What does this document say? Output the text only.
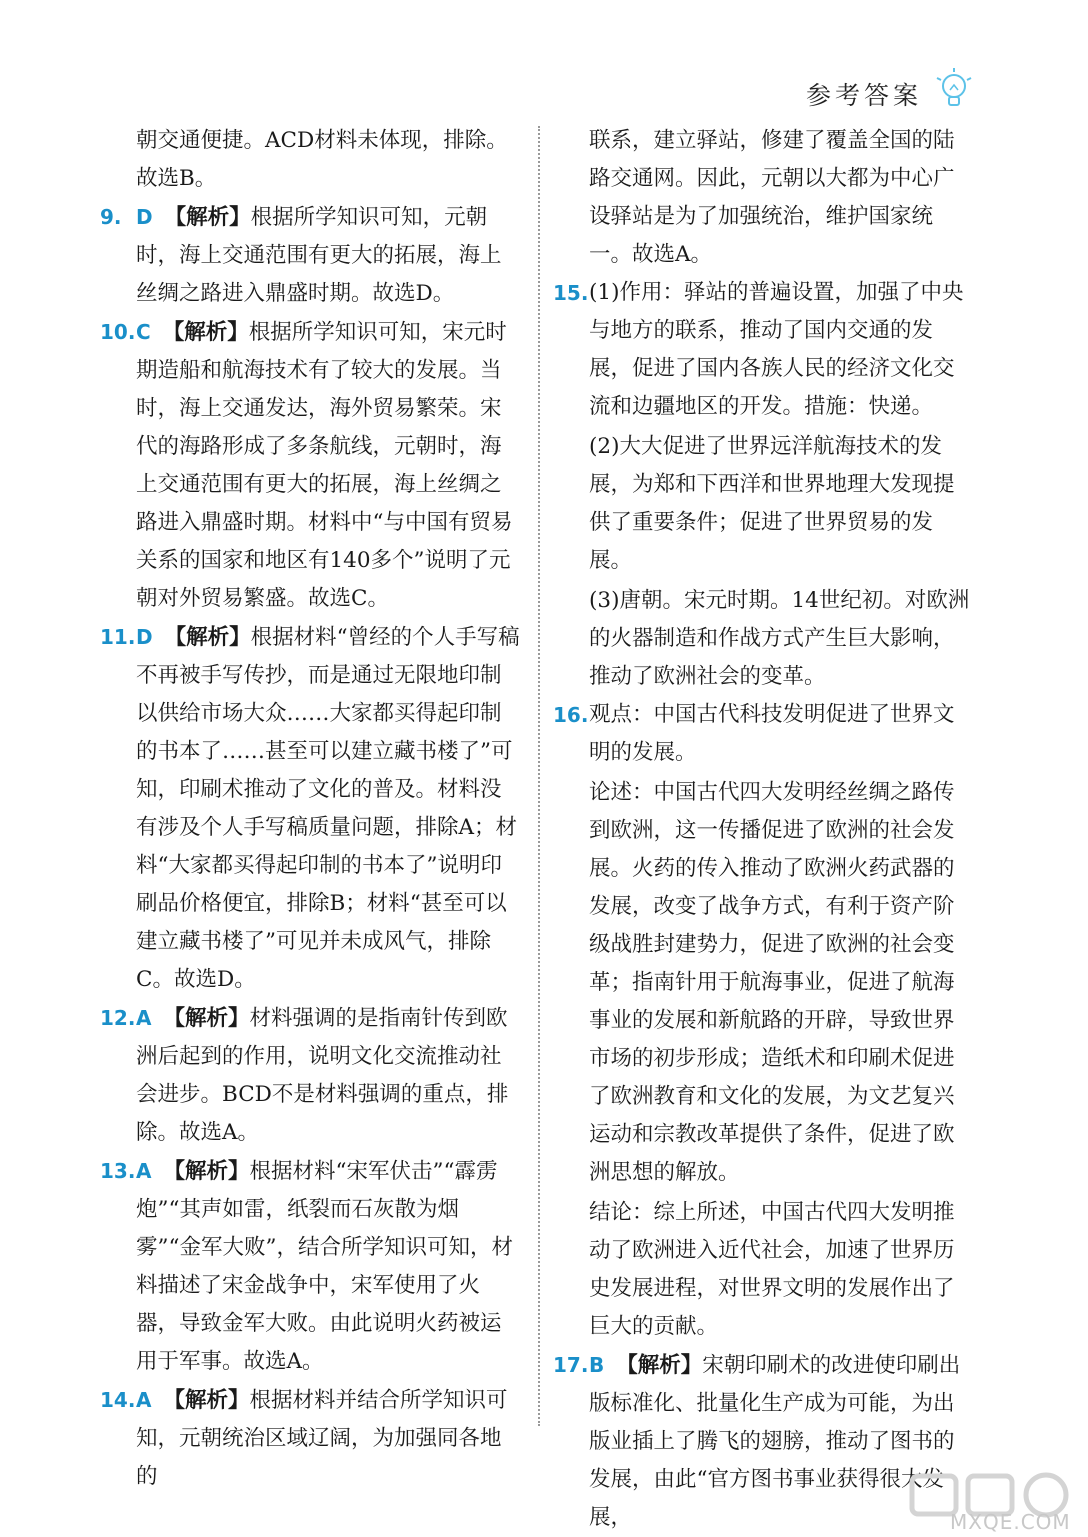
参考答案

朝交通便捷。ACD材料未体现，排除。故选B。

9. D 【解析】根据所学知识可知，元朝时，海上交通范围有更大的拓展，海上丝绸之路进入鼎盛时期。故选D。

10. C 【解析】根据所学知识可知，宋元时期造船和航海技术有了较大的发展。当时，海上交通发达，海外贸易繁荣。宋代的海路形成了多条航线，元朝时，海上交通范围有更大的拓展，海上丝绸之路进入鼎盛时期。材料中“与中国有贸易关系的国家和地区有140多个”说明了元朝对外贸易繁盛。故选C。

11. D 【解析】根据材料“曾经的个人手写稿不再被手写传抄，而是通过无限地印制以供给市场大众……大家都买得起印制的书本了……甚至可以建立藏书楼了”可知，印刷术推动了文化的普及。材料没有涉及个人手写稿质量问题，排除A；材料“大家都买得起印制的书本了”说明印刷品价格便宜，排除B；材料“甚至可以建立藏书楼了”可见并未成风气，排除C。故选D。

12. A 【解析】材料强调的是指南针传到欧洲后起到的作用，说明文化交流推动社会进步。BCD不是材料强调的重点，排除。故选A。

13. A 【解析】根据材料“宋军伏击”“霹雳炮”“其声如雷，纸裂而石灰散为烟雾”“金军大败”，结合所学知识可知，材料描述了宋金战争中，宋军使用了火器，导致金军大败。由此说明火药被运用于军事。故选A。

14. A 【解析】根据材料并结合所学知识可知，元朝统治区域辽阔，为加强同各地的

联系，建立驿站，修建了覆盖全国的陆路交通网。因此，元朝以大都为中心广设驿站是为了加强统治，维护国家统一。故选A。

15. (1)作用：驿站的普遍设置，加强了中央与地方的联系，推动了国内交通的发展，促进了国内各族人民的经济文化交流和边疆地区的开发。措施：快递。

(2)大大促进了世界远洋航海技术的发展，为郑和下西洋和世界地理大发现提供了重要条件；促进了世界贸易的发展。

(3)唐朝。宋元时期。14世纪初。对欧洲的火器制造和作战方式产生巨大影响，推动了欧洲社会的变革。

16. 观点：中国古代科技发明促进了世界文明的发展。

论述：中国古代四大发明经丝绸之路传到欧洲，这一传播促进了欧洲的社会发展。火药的传入推动了欧洲火药武器的发展，改变了战争方式，有利于资产阶级战胜封建势力，促进了欧洲的社会变革；指南针用于航海事业，促进了航海事业的发展和新航路的开辟，导致世界市场的初步形成；造纸术和印刷术促进了欧洲教育和文化的发展，为文艺复兴运动和宗教改革提供了条件，促进了欧洲思想的解放。

结论：综上所述，中国古代四大发明推动了欧洲进入近代社会，加速了世界历史发展进程，对世界文明的发展作出了巨大的贡献。

17. B 【解析】宋朝印刷术的改进使印刷出版标准化、批量化生产成为可能，为出版业插上了腾飞的翅膀，推动了图书的发展，由此“官方图书事业获得很大发展，	MXQE.COM
